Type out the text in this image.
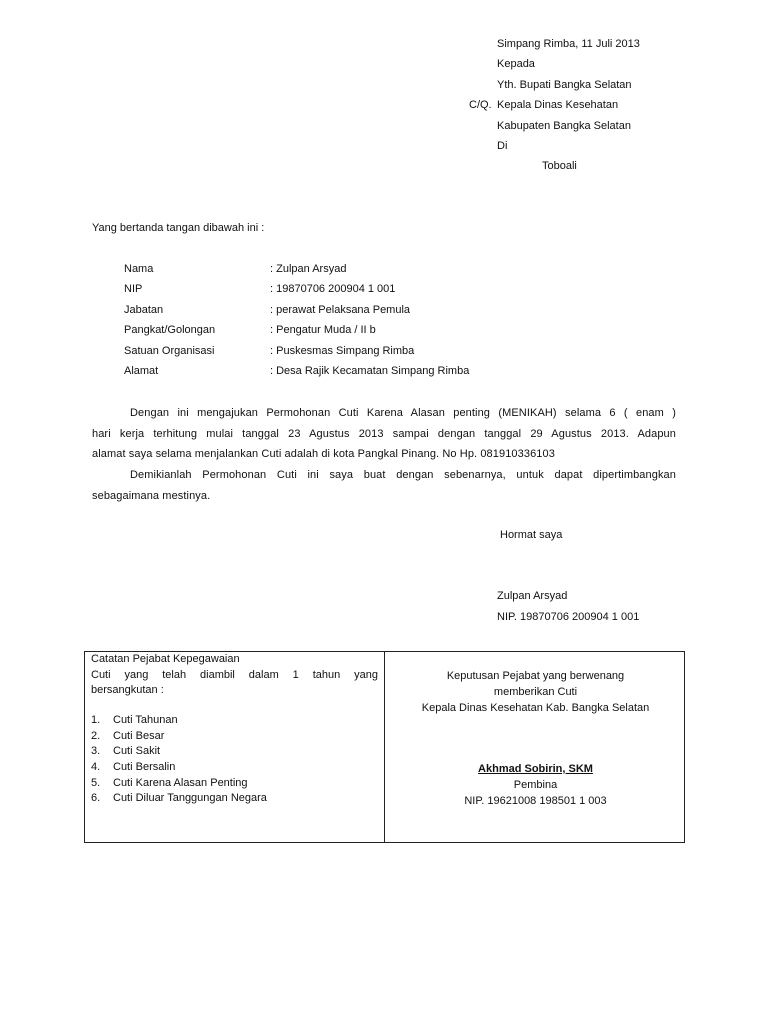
Simpang Rimba, 11 Juli 2013
Kepada
Yth. Bupati Bangka Selatan
C/Q. Kepala Dinas Kesehatan
Kabupaten Bangka Selatan
Di
Toboali
Yang bertanda tangan dibawah ini :
Nama	: Zulpan Arsyad
NIP	: 19870706 200904 1 001
Jabatan	: perawat Pelaksana Pemula
Pangkat/Golongan	: Pengatur Muda / II b
Satuan Organisasi	: Puskesmas Simpang Rimba
Alamat	: Desa Rajik Kecamatan Simpang Rimba
Dengan ini mengajukan Permohonan Cuti Karena Alasan penting (MENIKAH) selama 6 ( enam )
hari kerja terhitung mulai tanggal 23 Agustus 2013 sampai dengan tanggal 29 Agustus 2013. Adapun
alamat saya selama menjalankan Cuti adalah di kota Pangkal Pinang. No Hp. 081910336103
Demikianlah Permohonan Cuti ini saya buat dengan sebenarnya, untuk dapat dipertimbangkan
sebagaimana mestinya.
Hormat saya
Zulpan Arsyad
NIP. 19870706 200904 1 001
Catatan Pejabat Kepegawaian
Cuti yang telah diambil dalam 1 tahun yang
bersangkutan :
1. Cuti Tahunan
2. Cuti Besar
3. Cuti Sakit
4. Cuti Bersalin
5. Cuti Karena Alasan Penting
6. Cuti Diluar Tanggungan Negara
Keputusan Pejabat yang berwenang
memberikan Cuti
Kepala Dinas Kesehatan Kab. Bangka Selatan
Akhmad Sobirin, SKM
Pembina
NIP. 19621008 198501 1 003
